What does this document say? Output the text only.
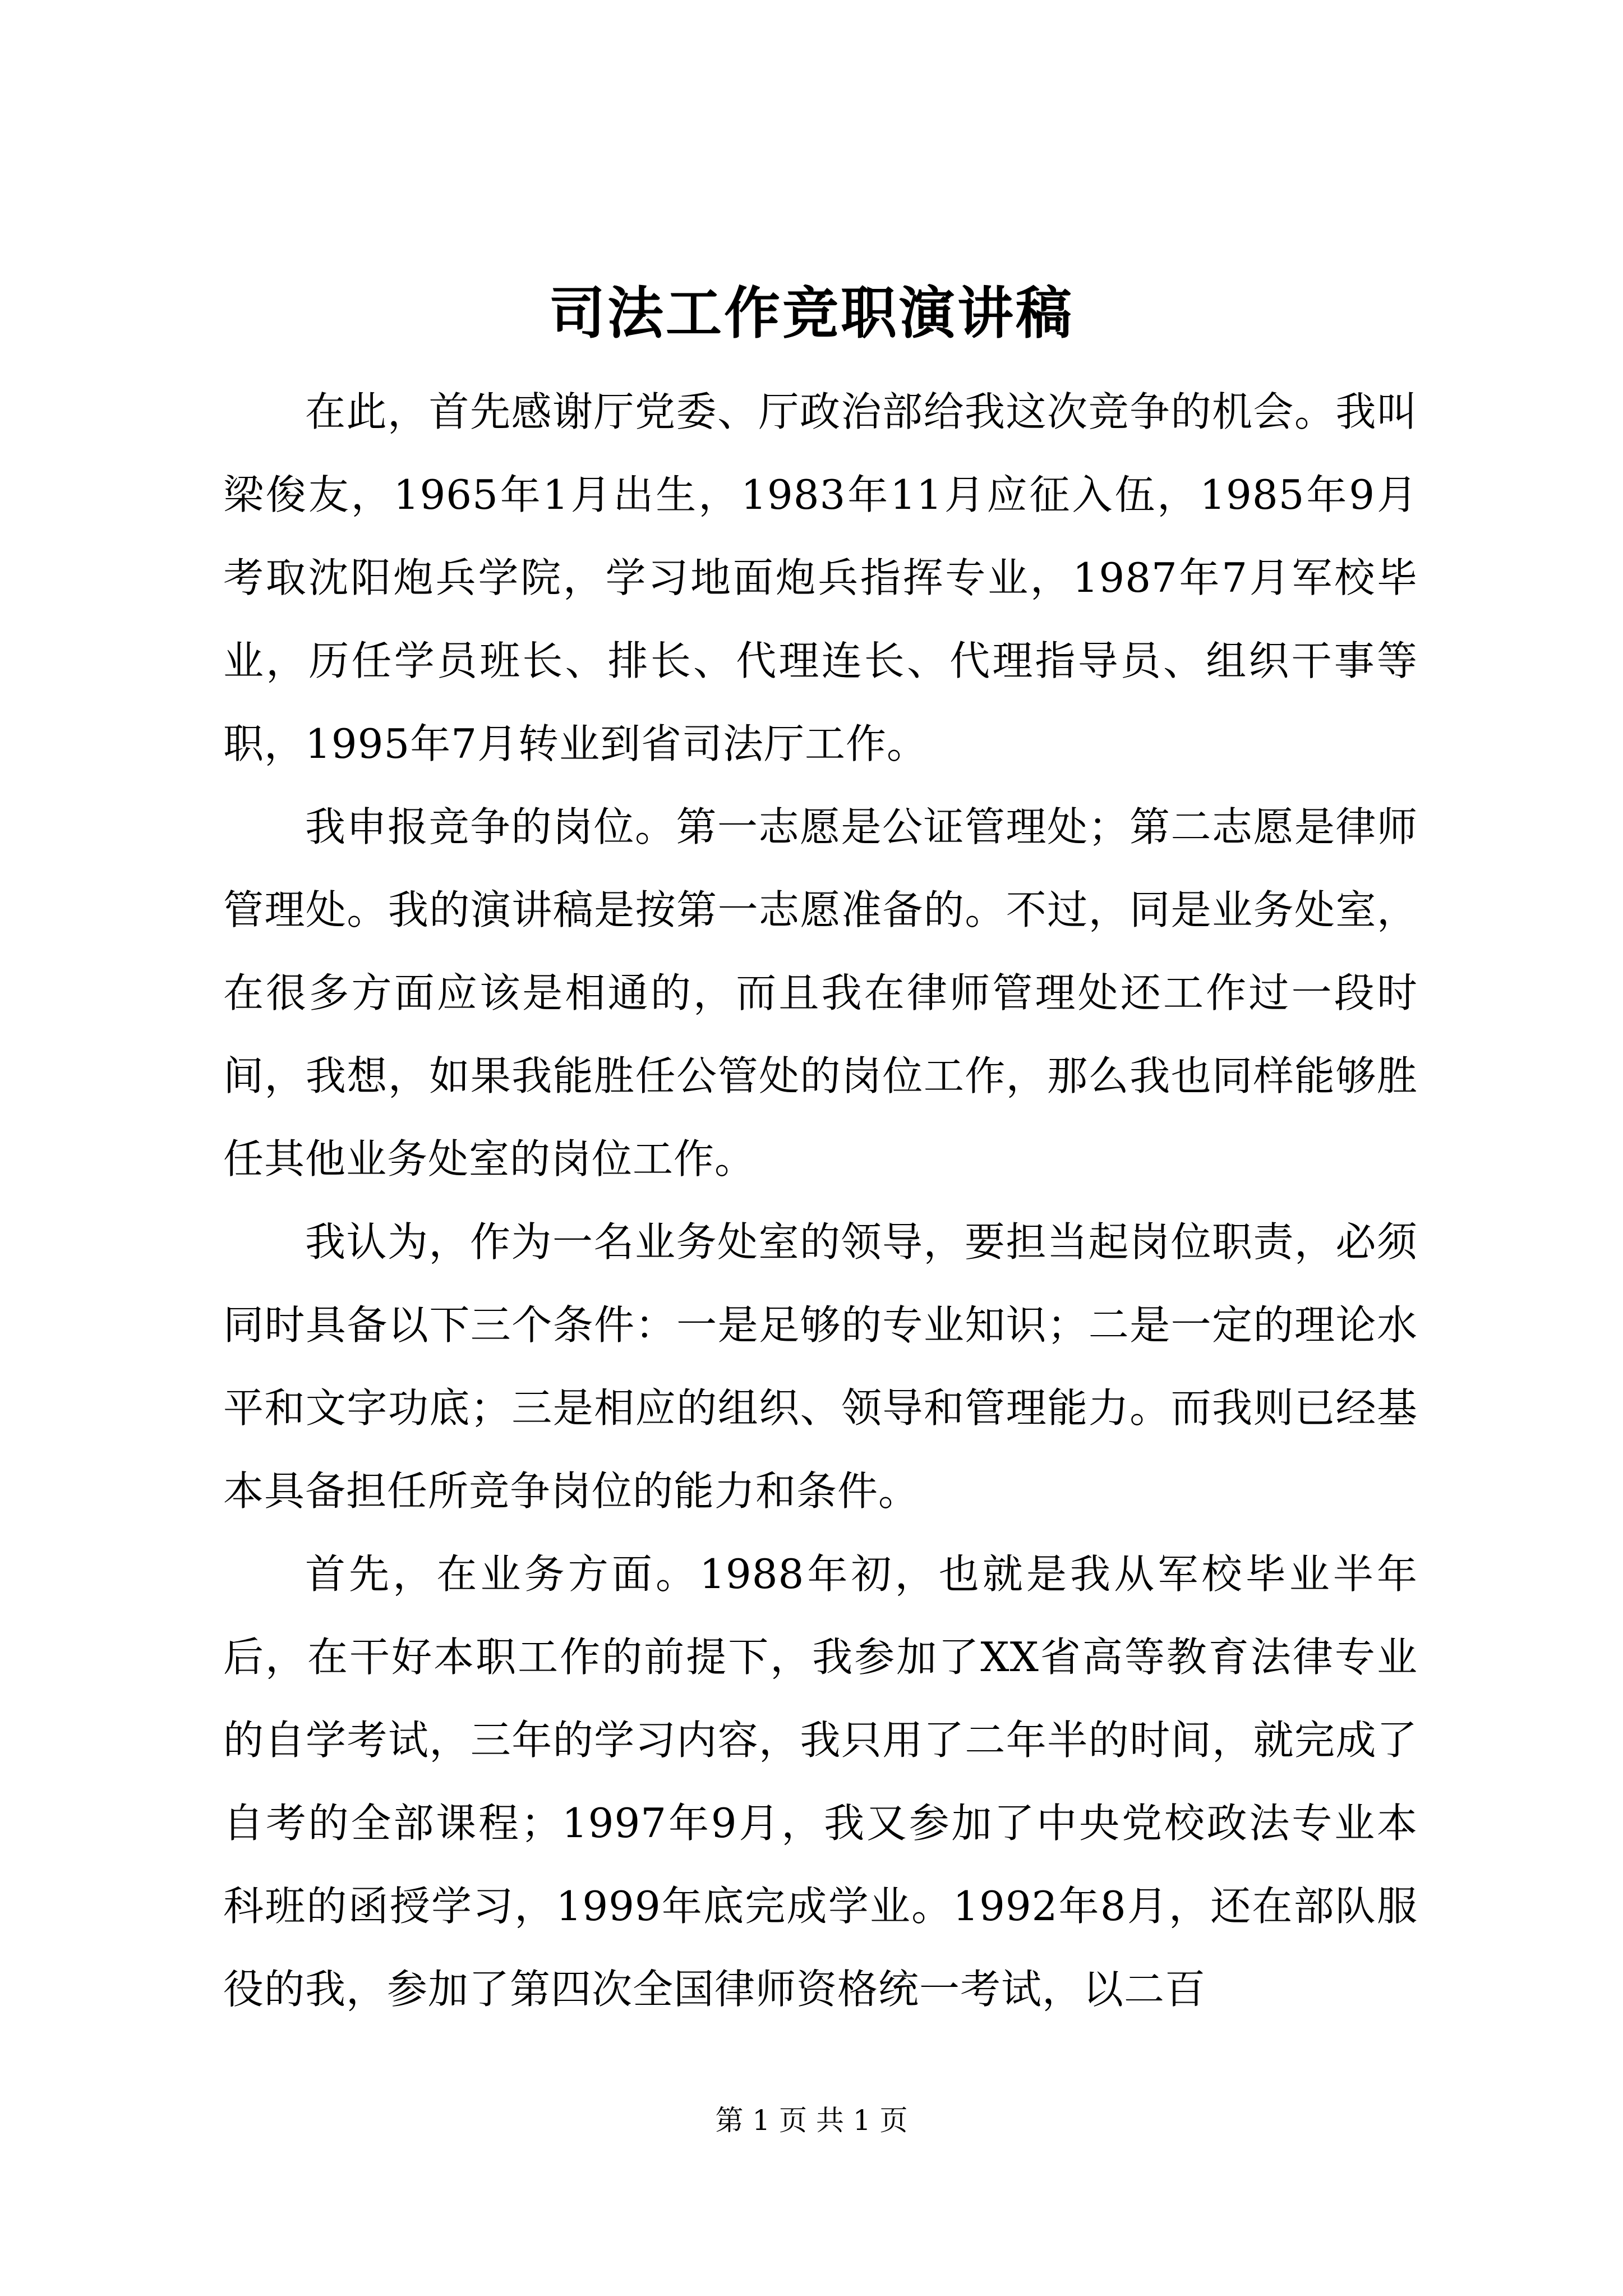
司法工作竞职演讲稿

在此，首先感谢厅党委、厅政治部给我这次竞争的机会。我叫梁俊友，1965年1月出生，1983年11月应征入伍，1985年9月考取沈阳炮兵学院，学习地面炮兵指挥专业，1987年7月军校毕业，历任学员班长、排长、代理连长、代理指导员、组织干事等职，1995年7月转业到省司法厅工作。

我申报竞争的岗位。第一志愿是公证管理处；第二志愿是律师管理处。我的演讲稿是按第一志愿准备的。不过，同是业务处室，在很多方面应该是相通的，而且我在律师管理处还工作过一段时间，我想，如果我能胜任公管处的岗位工作，那么我也同样能够胜任其他业务处室的岗位工作。

我认为，作为一名业务处室的领导，要担当起岗位职责，必须同时具备以下三个条件：一是足够的专业知识；二是一定的理论水平和文字功底；三是相应的组织、领导和管理能力。而我则已经基本具备担任所竞争岗位的能力和条件。

首先，在业务方面。1988年初，也就是我从军校毕业半年后，在干好本职工作的前提下，我参加了XX省高等教育法律专业的自学考试，三年的学习内容，我只用了二年半的时间，就完成了自考的全部课程；1997年9月，我又参加了中央党校政法专业本科班的函授学习，1999年底完成学业。1992年8月，还在部队服役的我，参加了第四次全国律师资格统一考试，以二百

第 1 页 共 1 页
